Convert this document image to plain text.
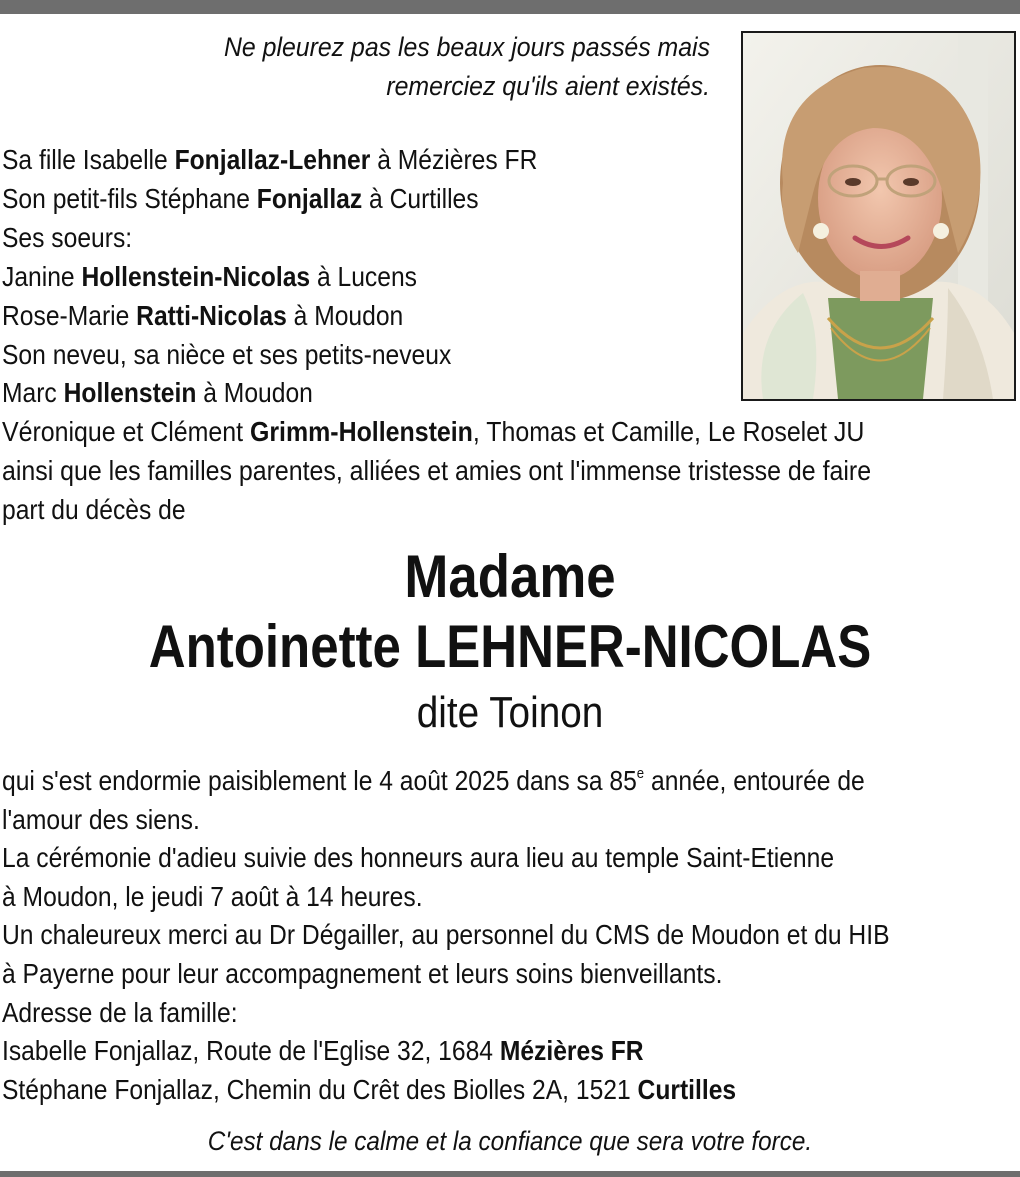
Ne pleurez pas les beaux jours passés mais
remerciez qu'ils aient existés.
Sa fille Isabelle Fonjallaz-Lehner à Mézières FR
Son petit-fils Stéphane Fonjallaz à Curtilles
Ses soeurs:
Janine Hollenstein-Nicolas à Lucens
Rose-Marie Ratti-Nicolas à Moudon
Son neveu, sa nièce et ses petits-neveux
Marc Hollenstein à Moudon
Véronique et Clément Grimm-Hollenstein, Thomas et Camille, Le Roselet JU
ainsi que les familles parentes, alliées et amies ont l'immense tristesse de faire
part du décès de
Madame
Antoinette LEHNER-NICOLAS
dite Toinon
qui s'est endormie paisiblement le 4 août 2025 dans sa 85e année, entourée de
l'amour des siens.
La cérémonie d'adieu suivie des honneurs aura lieu au temple Saint-Etienne
à Moudon, le jeudi 7 août à 14 heures.
Un chaleureux merci au Dr Dégailler, au personnel du CMS de Moudon et du HIB
à Payerne pour leur accompagnement et leurs soins bienveillants.
Adresse de la famille:
Isabelle Fonjallaz, Route de l'Eglise 32, 1684 Mézières FR
Stéphane Fonjallaz, Chemin du Crêt des Biolles 2A, 1521 Curtilles
C'est dans le calme et la confiance que sera votre force.
